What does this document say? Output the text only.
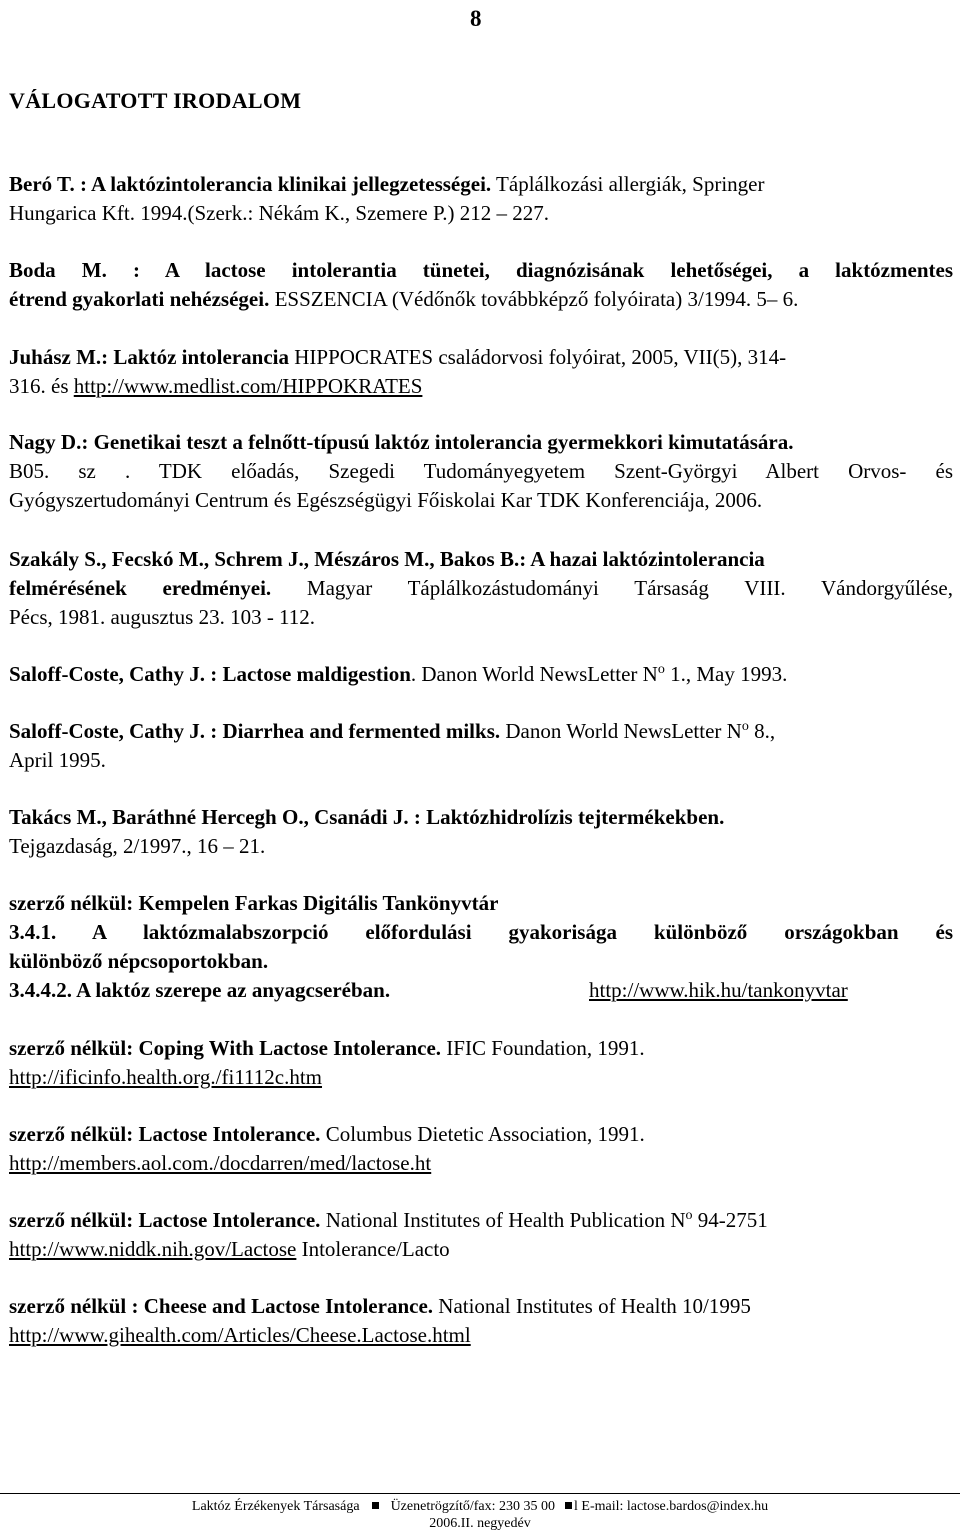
8
VÁLOGATOTT IRODALOM
Beró T. : A laktózintolerancia klinikai jellegzetességei. Táplálkozási allergiák, Springer
Hungarica Kft. 1994.(Szerk.: Nékám K., Szemere P.) 212 – 227.
Boda M. : A lactose intolerantia tünetei, diagnózisának lehetőségei, a laktózmentes
étrend gyakorlati nehézségei. ESSZENCIA (Védőnők továbbképző folyóirata) 3/1994. 5– 6.
Juhász M.: Laktóz intolerancia HIPPOCRATES családorvosi folyóirat, 2005, VII(5), 314-
316. és http://www.medlist.com/HIPPOKRATES
Nagy D.: Genetikai teszt a felnőtt-típusú laktóz intolerancia gyermekkori kimutatására.
B05. sz . TDK előadás, Szegedi Tudományegyetem Szent-Györgyi Albert Orvos- és
Gyógyszertudományi Centrum és Egészségügyi Főiskolai Kar TDK Konferenciája, 2006.
Szakály S., Fecskó M., Schrem J., Mészáros M., Bakos B.: A hazai laktózintolerancia
felmérésének eredményei. Magyar Táplálkozástudományi Társaság VIII. Vándorgyűlése,
Pécs, 1981. augusztus 23. 103 - 112.
Saloff-Coste, Cathy J. : Lactose maldigestion. Danon World NewsLetter $N^o$ 1., May 1993.
Saloff-Coste, Cathy J. : Diarrhea and fermented milks. Danon World NewsLetter $N^o$ 8.,
April 1995.
Takács M., Baráthné Hercegh O., Csanádi J. : Laktózhidrolízis tejtermékekben.
Tejgazdaság, 2/1997., 16 – 21.
szerző nélkül: Kempelen Farkas Digitális Tankönyvtár
3.4.1. A laktózmalabszorpció előfordulási gyakorisága különböző országokban és
különböző népcsoportokban.
3.4.4.2. A laktóz szerepe az anyagcseréban.	http://www.hik.hu/tankonyvtar
szerző nélkül: Coping With Lactose Intolerance. IFIC Foundation, 1991.
http://ificinfo.health.org./fi1112c.htm
szerző nélkül: Lactose Intolerance. Columbus Dietetic Association, 1991.
http://members.aol.com./docdarren/med/lactose.ht
szerző nélkül: Lactose Intolerance. National Institutes of Health Publication $N^o$ 94-2751
http://www.niddk.nih.gov/Lactose Intolerance/Lacto
szerző nélkül : Cheese and Lactose Intolerance. National Institutes of Health 10/1995
http://www.gihealth.com/Articles/Cheese.Lactose.html
Laktóz Érzékenyek Társasága Üzenetrögzítő/fax: 230 35 00 l E-mail: lactose.bardos@index.hu
2006.II. negyedév
